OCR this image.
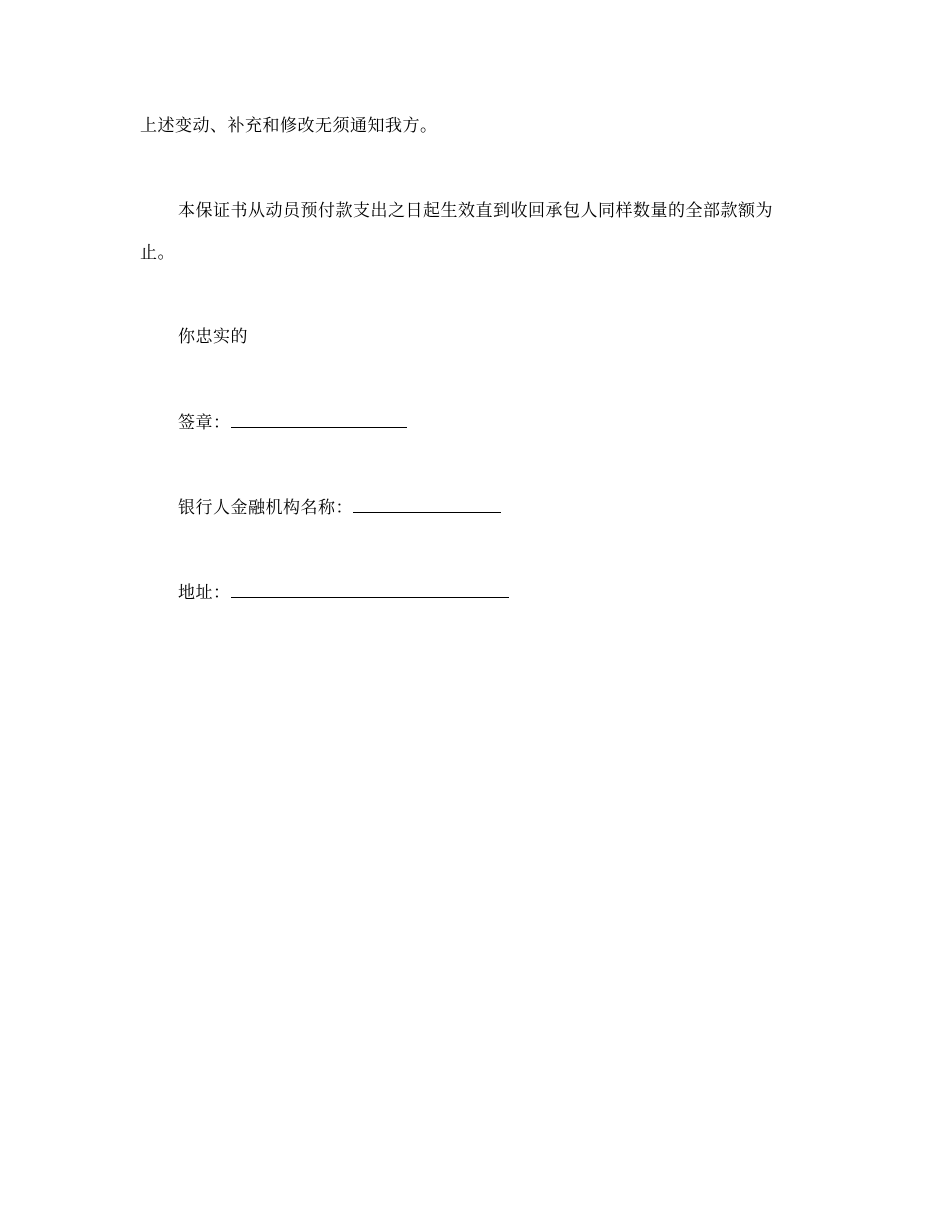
上述变动、补充和修改无须通知我方。
本保证书从动员预付款支出之日起生效直到收回承包人同样数量的全部款额为
止。
你忠实的
签章：
银行人金融机构名称：
地址：
